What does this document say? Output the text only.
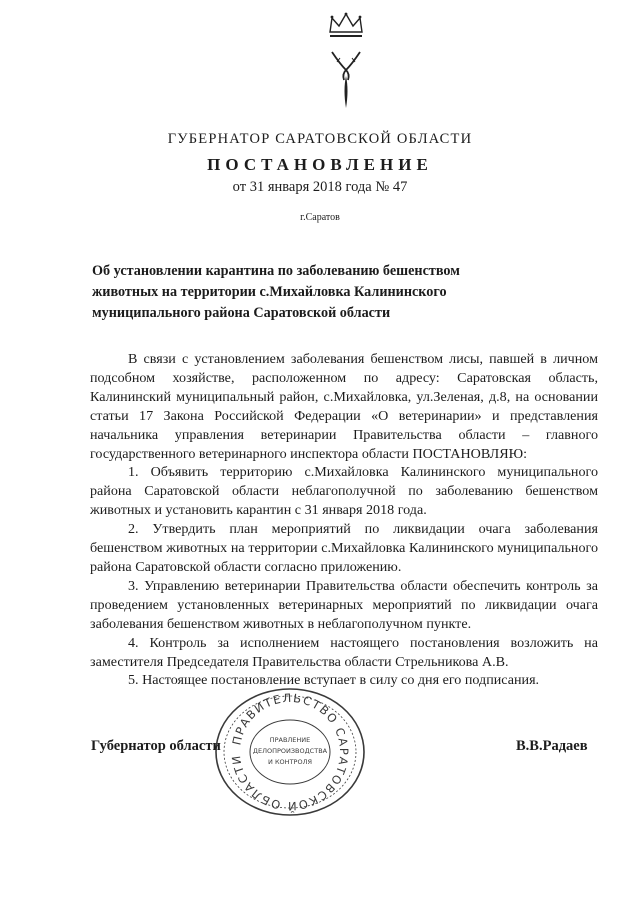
ГУБЕРНАТОР САРАТОВСКОЙ ОБЛАСТИ
ПОСТАНОВЛЕНИЕ
от 31 января 2018 года № 47
г.Саратов
Об установлении карантина по заболеванию бешенством животных на территории с.Михайловка Калининского муниципального района Саратовской области

В связи с установлением заболевания бешенством лисы, павшей в личном подсобном хозяйстве, расположенном по адресу: Саратовская область, Калининский муниципальный район, с.Михайловка, ул.Зеленая, д.8, на основании статьи 17 Закона Российской Федерации «О ветеринарии» и представления начальника управления ветеринарии Правительства области – главного государственного ветеринарного инспектора области ПОСТАНОВЛЯЮ:

1. Объявить территорию с.Михайловка Калининского муниципального района Саратовской области неблагополучной по заболеванию бешенством животных и установить карантин с 31 января 2018 года.

2. Утвердить план мероприятий по ликвидации очага заболевания бешенством животных на территории с.Михайловка Калининского муниципального района Саратовской области согласно приложению.

3. Управлению ветеринарии Правительства области обеспечить контроль за проведением установленных ветеринарных мероприятий по ликвидации очага заболевания бешенством животных в неблагополучном пункте.

4. Контроль за исполнением настоящего постановления возложить на заместителя Председателя Правительства области Стрельникова А.В.

5. Настоящее постановление вступает в силу со дня его подписания.

ПРАВИТЕЛЬСТВО САРАТОВСКОЙ ОБЛАСТИ
ПРАВЛЕНИЕ
ДЕЛОПРОИЗВОДСТВА
И КОНТРОЛЯ
Губернатор области	В.В.Радаев
